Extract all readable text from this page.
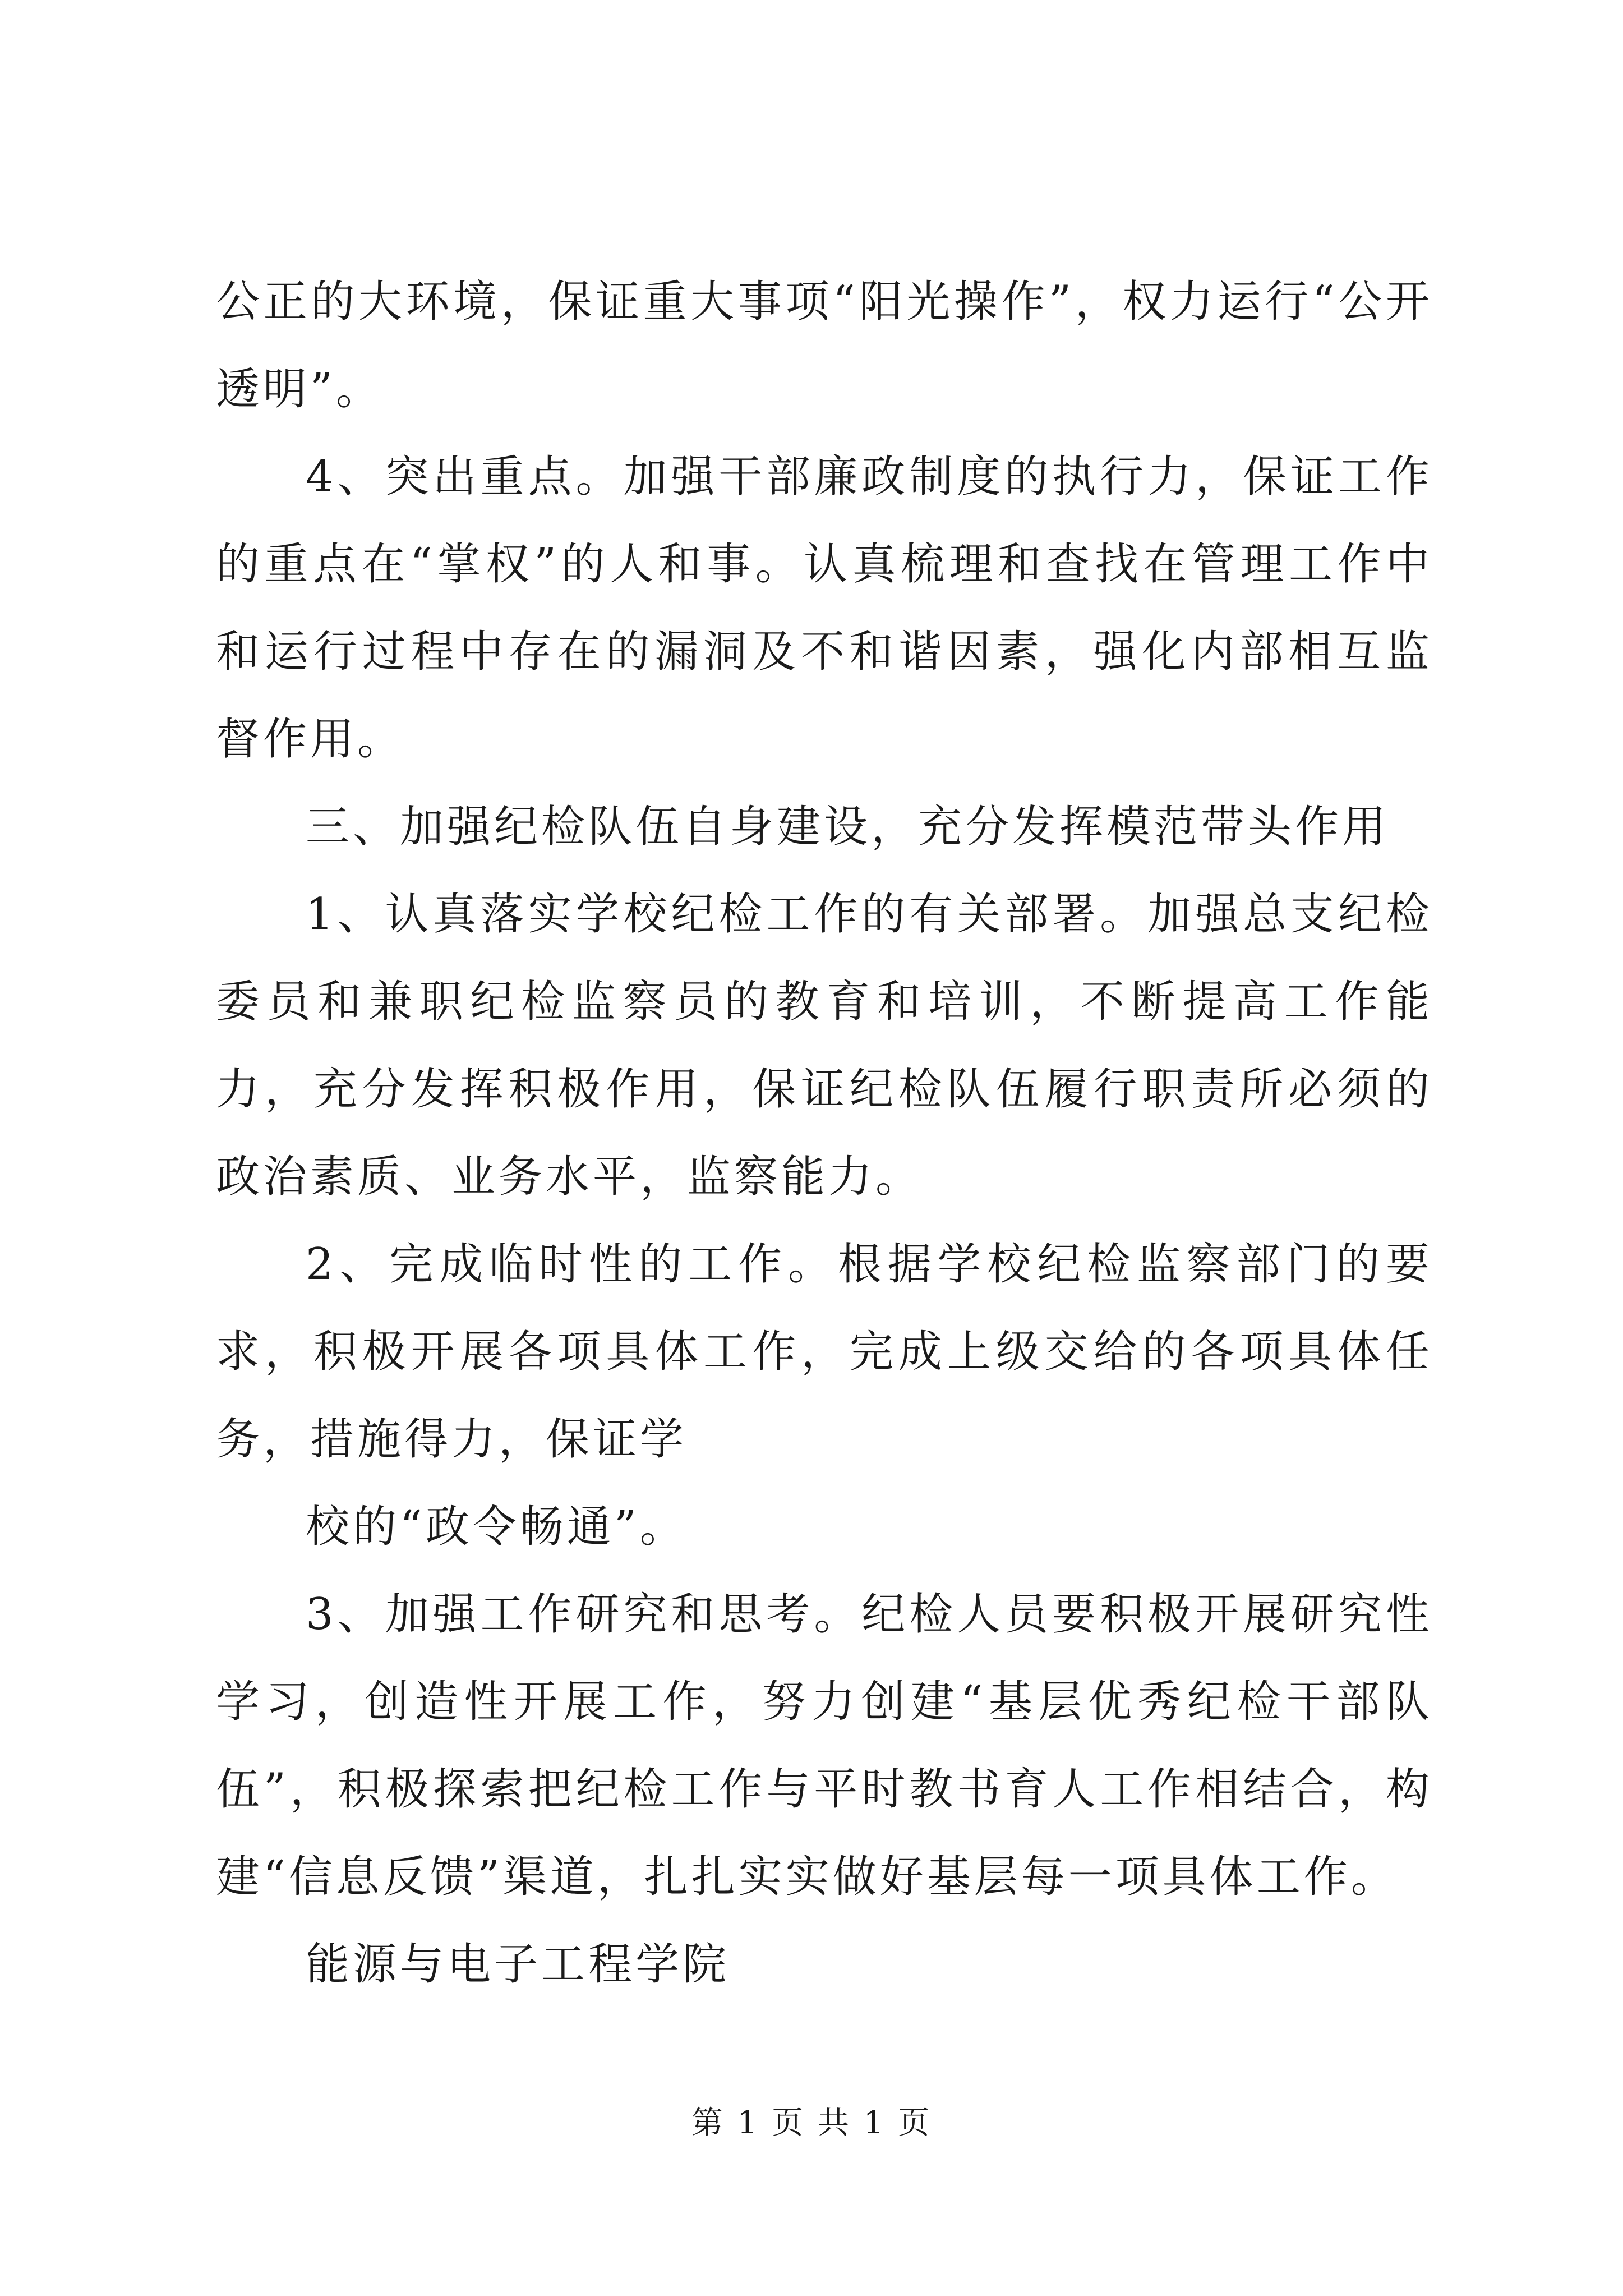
公正的大环境，保证重大事项“阳光操作”，权力运行“公开透明”。

4、突出重点。加强干部廉政制度的执行力，保证工作的重点在“掌权”的人和事。认真梳理和查找在管理工作中和运行过程中存在的漏洞及不和谐因素，强化内部相互监督作用。

三、加强纪检队伍自身建设，充分发挥模范带头作用

1、认真落实学校纪检工作的有关部署。加强总支纪检委员和兼职纪检监察员的教育和培训，不断提高工作能力，充分发挥积极作用，保证纪检队伍履行职责所必须的政治素质、业务水平，监察能力。

2、完成临时性的工作。根据学校纪检监察部门的要求，积极开展各项具体工作，完成上级交给的各项具体任务，措施得力，保证学

校的“政令畅通”。

3、加强工作研究和思考。纪检人员要积极开展研究性学习，创造性开展工作，努力创建“基层优秀纪检干部队伍”，积极探索把纪检工作与平时教书育人工作相结合，构建“信息反馈”渠道，扎扎实实做好基层每一项具体工作。

能源与电子工程学院

第 1 页 共 1 页
